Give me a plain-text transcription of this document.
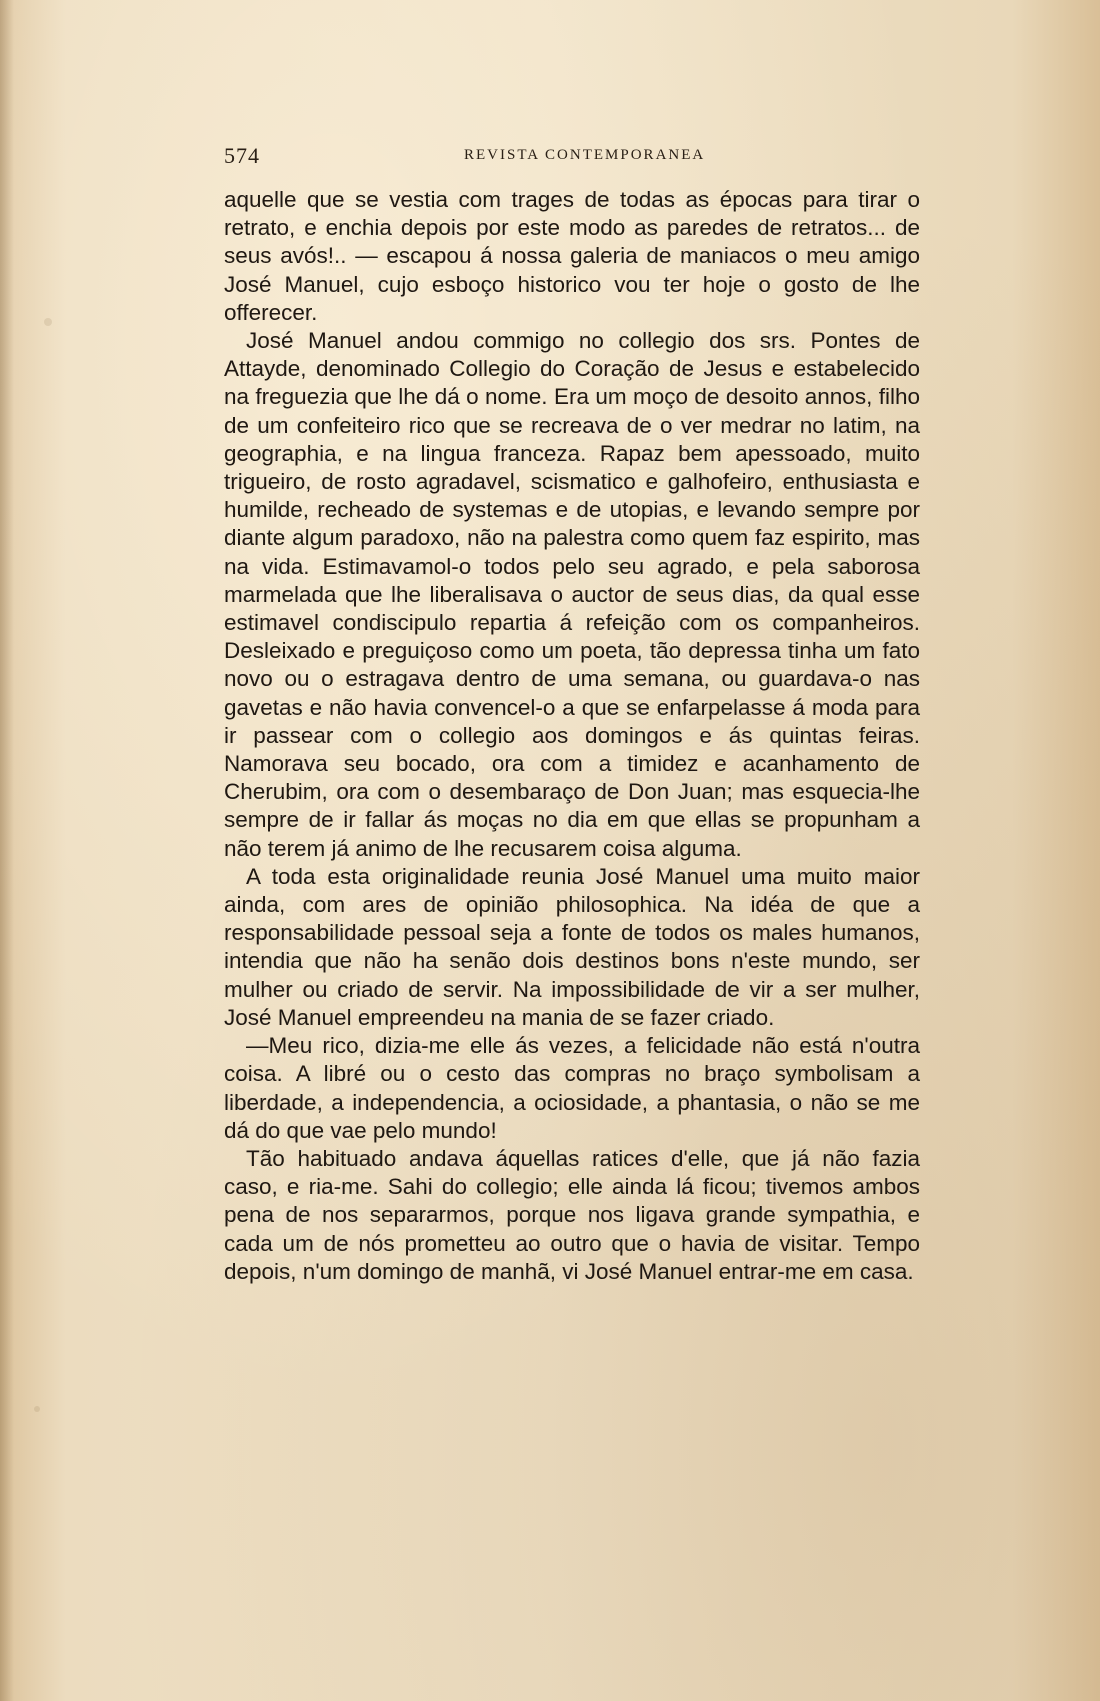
574	REVISTA CONTEMPORANEA

aquelle que se vestia com trages de todas as épocas para tirar o retrato, e enchia depois por este modo as paredes de retratos... de seus avós!.. — escapou á nossa galeria de maniacos o meu amigo José Manuel, cujo esboço historico vou ter hoje o gosto de lhe offerecer.

José Manuel andou commigo no collegio dos srs. Pontes de Attayde, denominado Collegio do Coração de Jesus e estabelecido na freguezia que lhe dá o nome. Era um moço de desoito annos, filho de um confeiteiro rico que se recreava de o ver medrar no latim, na geographia, e na lingua franceza. Rapaz bem apessoado, muito trigueiro, de rosto agradavel, scismatico e galhofeiro, enthusiasta e humilde, recheado de systemas e de utopias, e levando sempre por diante algum paradoxo, não na palestra como quem faz espirito, mas na vida. Estimavamol-o todos pelo seu agrado, e pela saborosa marmelada que lhe liberalisava o auctor de seus dias, da qual esse estimavel condiscipulo repartia á refeição com os companheiros. Desleixado e preguiçoso como um poeta, tão depressa tinha um fato novo ou o estragava dentro de uma semana, ou guardava-o nas gavetas e não havia convencel-o a que se enfarpelasse á moda para ir passear com o collegio aos domingos e ás quintas feiras. Namorava seu bocado, ora com a timidez e acanhamento de Cherubim, ora com o desembaraço de Don Juan; mas esquecia-lhe sempre de ir fallar ás moças no dia em que ellas se propunham a não terem já animo de lhe recusarem coisa alguma.

A toda esta originalidade reunia José Manuel uma muito maior ainda, com ares de opinião philosophica. Na idéa de que a responsabilidade pessoal seja a fonte de todos os males humanos, intendia que não ha senão dois destinos bons n'este mundo, ser mulher ou criado de servir. Na impossibilidade de vir a ser mulher, José Manuel empreendeu na mania de se fazer criado.

—Meu rico, dizia-me elle ás vezes, a felicidade não está n'outra coisa. A libré ou o cesto das compras no braço symbolisam a liberdade, a independencia, a ociosidade, a phantasia, o não se me dá do que vae pelo mundo!

Tão habituado andava áquellas ratices d'elle, que já não fazia caso, e ria-me. Sahi do collegio; elle ainda lá ficou; tivemos ambos pena de nos separarmos, porque nos ligava grande sympathia, e cada um de nós prometteu ao outro que o havia de visitar. Tempo depois, n'um domingo de manhã, vi José Manuel entrar-me em casa.
